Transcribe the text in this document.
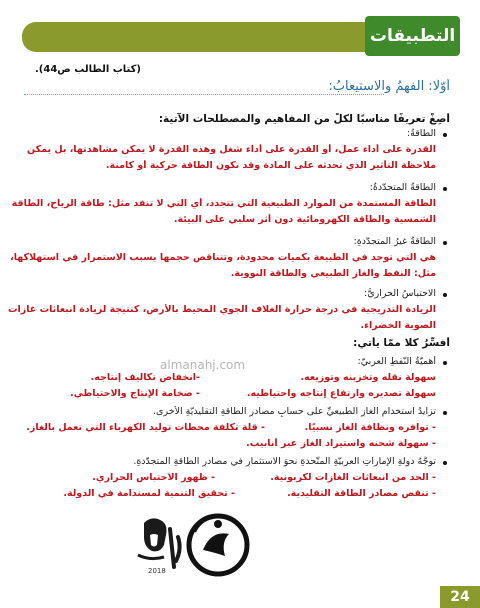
التطبيقات
(كتاب الطالب ص44).
أوّلًا: الفهمُ والاستيعابُ:
أصِغْ تعريفًا مناسبًا لكلٍّ من المفاهيم والمصطلحات الآتية:
الطاقةُ:
القدرة على أداء عمل، أو القدرة على أداء شغل وهذه القدرة لا يمكن مشاهدتها، بل يمكن
ملاحظة التأثير الذي تحدثه على المادة وقد تكون الطاقة حركية أو كامنة.
الطاقةُ المتجدّدةُ:
الطاقة المستمدة من الموارد الطبيعية التي تتجدد، أي التي لا تنفد مثل: طاقة الرياح، الطاقة
الشمسية والطاقة الكهرومائية دون أثر سلبي على البيئة.
الطاقةُ غيرُ المتجدّدةِ:
هي التي توجد في الطبيعة بكميات محدودة، وتتناقص حجمها بسبب الاستمرار في استهلاكها،
مثل: النفط والغاز الطبيعي والطاقة النووية.
الاحتباسُ الحراريُّ:
الزيادة التدريجية في درجة حرارة الغلاف الجوي المحيط بالأرض، كنتيجة لزيادة انبعاثات غازات
الصوبة الخضراء.
أفسِّرُ كلًّا ممّا يأتي:
أهميّةُ النّفطِ العربيّ:
سهولة نقله وتخزينه وتوزيعه.
-انخفاض تكاليف إنتاجه.
سهولة تصديره وارتفاع إنتاجه واحتياطيه.
- ضخامة الإنتاج والاحتياطي.
تزايدُ استخدامِ الغازِ الطبيعيِّ على حسابِ مصادرِ الطاقةِ التقليديّةِ الأخرى.
- توافره ونظافة الغاز نسبيًا.
- قلة تكلفة محطات توليد الكهرباء التي تعمل بالغاز.
- سهولة شحنه واستيراد الغاز عبر أنابيب.
توجُّهُ دولةِ الإماراتِ العربيّةِ المتّحدةِ نحوَ الاستثمارِ في مصادرِ الطاقةِ المتجدّدةِ.
- الحد من انبعاثات الغازات لكربونية.
- ظهور الاحتباس الحراري.
- تنقص مصادر الطاقة التقليدية.
- تحقيق التنمية لمستدامة في الدولة.
almanahj.com
2018
24
